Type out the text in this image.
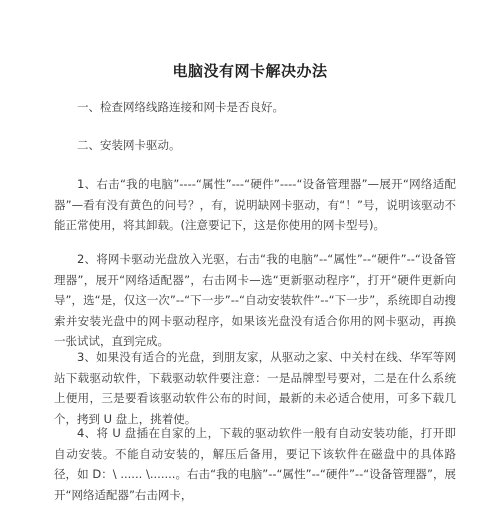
电脑没有网卡解决办法

一、检查网络线路连接和网卡是否良好。

二、安装网卡驱动。

1、右击“我的电脑”----“属性”---“硬件”----“设备管理器”—展开“网络适配器”—看有没有黄色的问号？，有，说明缺网卡驱动，有“！”号，说明该驱动不能正常使用，将其卸载。(注意要记下，这是你使用的网卡型号)。

2、将网卡驱动光盘放入光驱，右击“我的电脑”--“属性”--“硬件”--“设备管理器”，展开“网络适配器”，右击网卡—选“更新驱动程序”，打开“硬件更新向导”，选“是，仅这一次”--“下一步”--“自动安装软件”--“下一步”，系统即自动搜索并安装光盘中的网卡驱动程序，如果该光盘没有适合你用的网卡驱动，再换一张试试，直到完成。

3、如果没有适合的光盘，到朋友家，从驱动之家、中关村在线、华军等网站下载驱动软件，下载驱动软件要注意：一是品牌型号要对，二是在什么系统上便用，三是要看该驱动软件公布的时间，最新的未必适合使用，可多下载几个，拷到 U 盘上，挑着使。

4、将 U 盘插在自家的上，下载的驱动软件一般有自动安装功能，打开即自动安装。不能自动安装的，解压后备用，要记下该软件在磁盘中的具体路径，如 D：\ ...... \.......。右击“我的电脑”--“属性”--“硬件”--“设备管理器”，展开“网络适配器”右击网卡，
